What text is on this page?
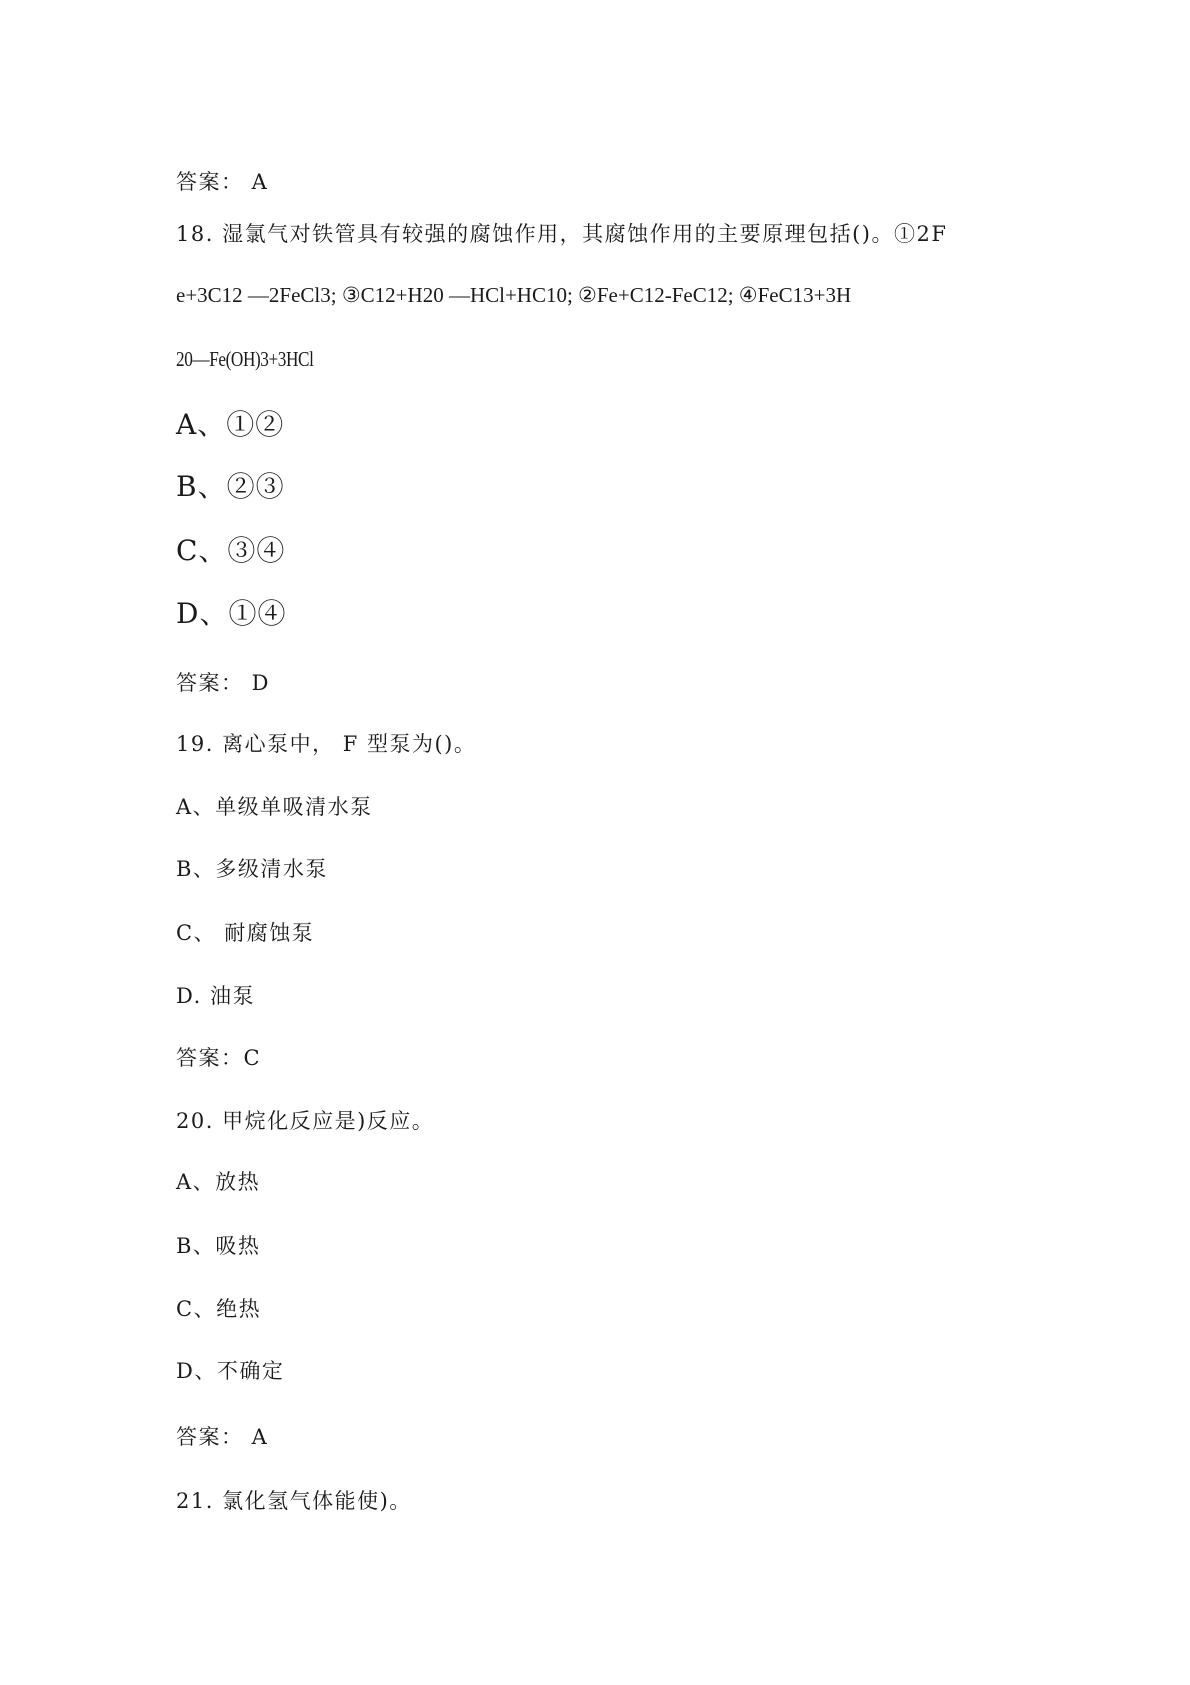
答案： A
18. 湿氯气对铁管具有较强的腐蚀作用，其腐蚀作用的主要原理包括()。①2F
e+3C12 —2FeCl3; ③C12+H20 —HCl+HC10; ②Fe+C12-FeC12; ④FeC13+3H
20—Fe(OH)3+3HCl
A、①②
B、②③
C、③④
D、①④
答案： D
19. 离心泵中， F 型泵为()。
A、单级单吸清水泵
B、多级清水泵
C、 耐腐蚀泵
D. 油泵
答案：C
20. 甲烷化反应是)反应。
A、放热
B、吸热
C、绝热
D、不确定
答案： A
21. 氯化氢气体能使)。
